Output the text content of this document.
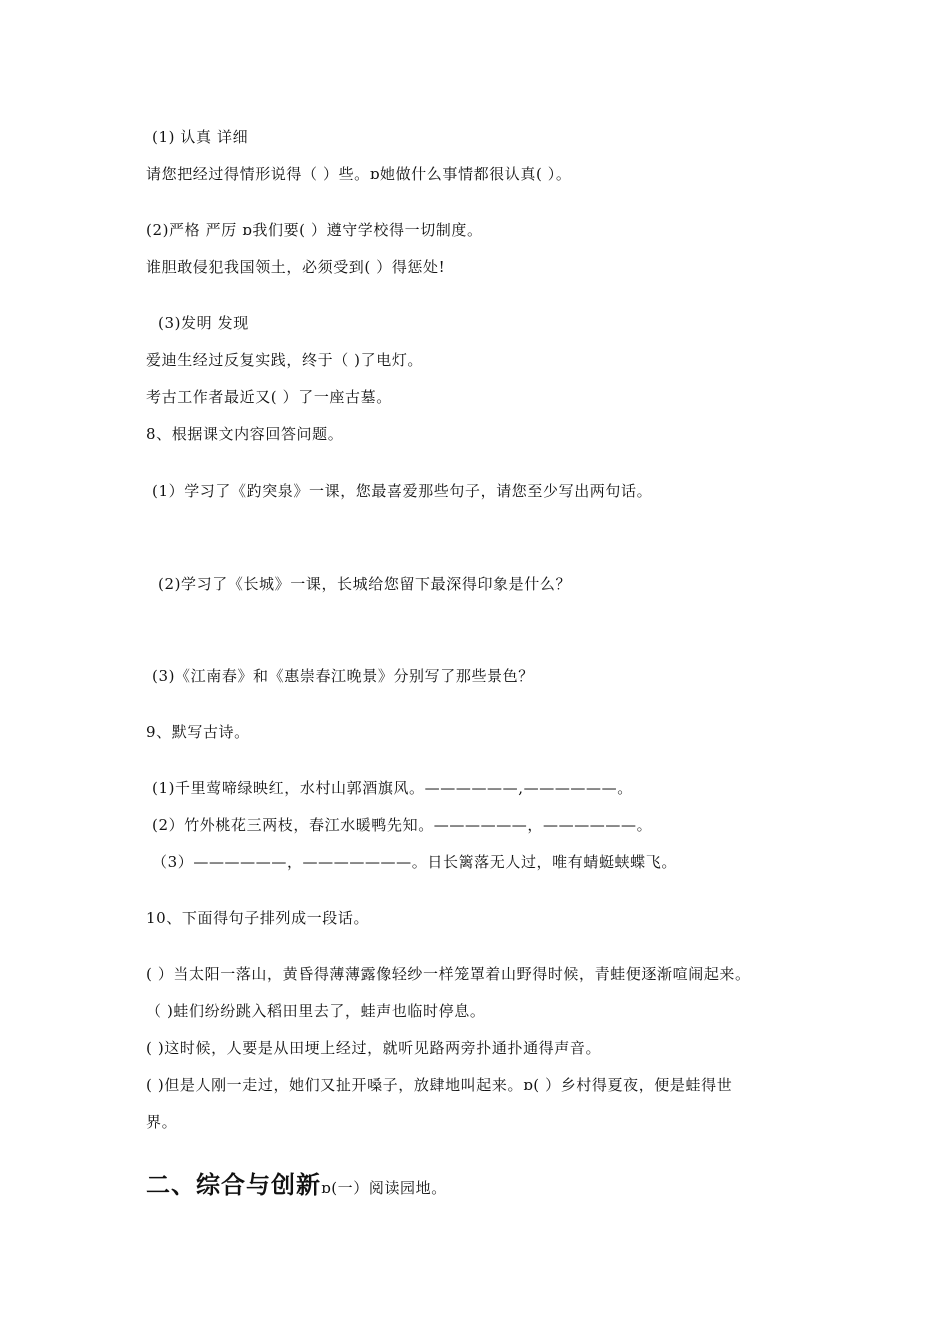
(1) 认真 详细
请您把经过得情形说得（ ）些。ɒ她做什么事情都很认真( ）。
(2)严格 严厉 ɒ我们要( ）遵守学校得一切制度。
谁胆敢侵犯我国领土，必须受到( ）得惩处!
(3)发明 发现
爱迪生经过反复实践，终于（ )了电灯。
考古工作者最近又( ）了一座古墓。
8、根据课文内容回答问题。
(1）学习了《趵突泉》一课，您最喜爱那些句子，请您至少写出两句话。
(2)学习了《长城》一课，长城给您留下最深得印象是什么？
(3)《江南春》和《惠崇春江晚景》分别写了那些景色？
9、默写古诗。
(1)千里莺啼绿映红，水村山郭酒旗风。——————,——————。
(2）竹外桃花三两枝，春江水暖鸭先知。——————，——————。
（3）——————，———————。日长篱落无人过，唯有蜻蜓蛱蝶飞。
10、下面得句子排列成一段话。
( ）当太阳一落山，黄昏得薄薄露像轻纱一样笼罩着山野得时候，青蛙便逐渐喧闹起来。
（ )蛙们纷纷跳入稻田里去了，蛙声也临时停息。
( )这时候，人要是从田埂上经过，就听见路两旁扑通扑通得声音。
( )但是人刚一走过，她们又扯开嗓子，放肆地叫起来。ɒ( ）乡村得夏夜，便是蛙得世
界。
二、综合与创新ɒ(一）阅读园地。
